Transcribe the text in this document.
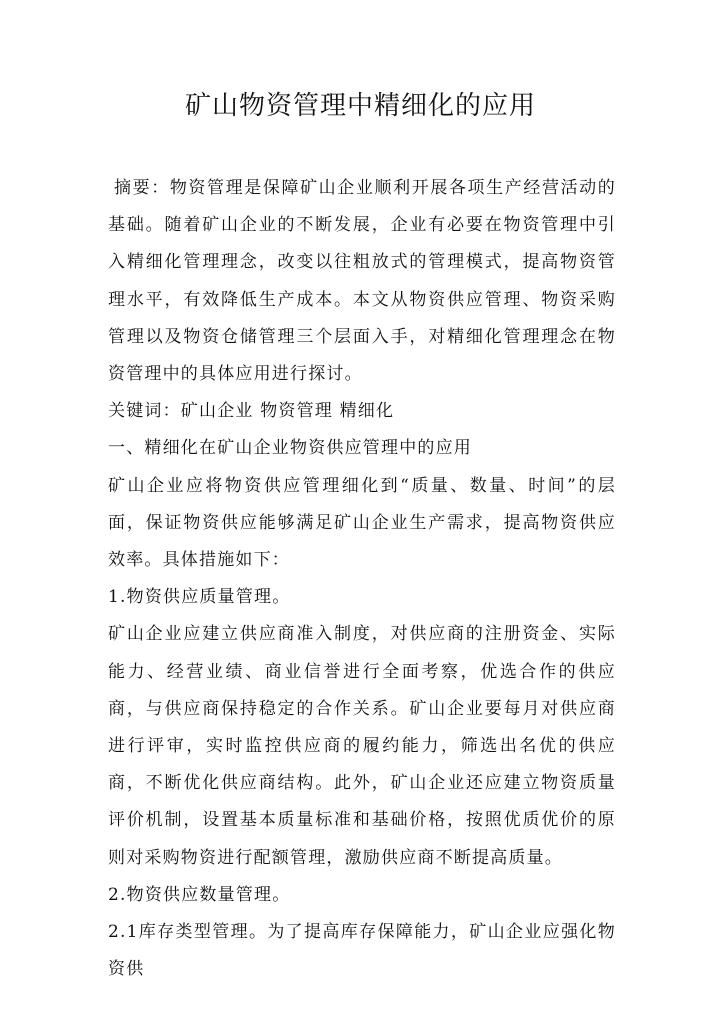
矿山物资管理中精细化的应用

摘要：物资管理是保障矿山企业顺利开展各项生产经营活动的基础。随着矿山企业的不断发展，企业有必要在物资管理中引入精细化管理理念，改变以往粗放式的管理模式，提高物资管理水平，有效降低生产成本。本文从物资供应管理、物资采购管理以及物资仓储管理三个层面入手，对精细化管理理念在物资管理中的具体应用进行探讨。

关键词：矿山企业 物资管理 精细化

一、精细化在矿山企业物资供应管理中的应用

矿山企业应将物资供应管理细化到“质量、数量、时间”的层面，保证物资供应能够满足矿山企业生产需求，提高物资供应效率。具体措施如下：

1.物资供应质量管理。

矿山企业应建立供应商准入制度，对供应商的注册资金、实际能力、经营业绩、商业信誉进行全面考察，优选合作的供应商，与供应商保持稳定的合作关系。矿山企业要每月对供应商进行评审，实时监控供应商的履约能力，筛选出名优的供应商，不断优化供应商结构。此外，矿山企业还应建立物资质量评价机制，设置基本质量标准和基础价格，按照优质优价的原则对采购物资进行配额管理，激励供应商不断提高质量。

2.物资供应数量管理。

2.1库存类型管理。为了提高库存保障能力，矿山企业应强化物资供
